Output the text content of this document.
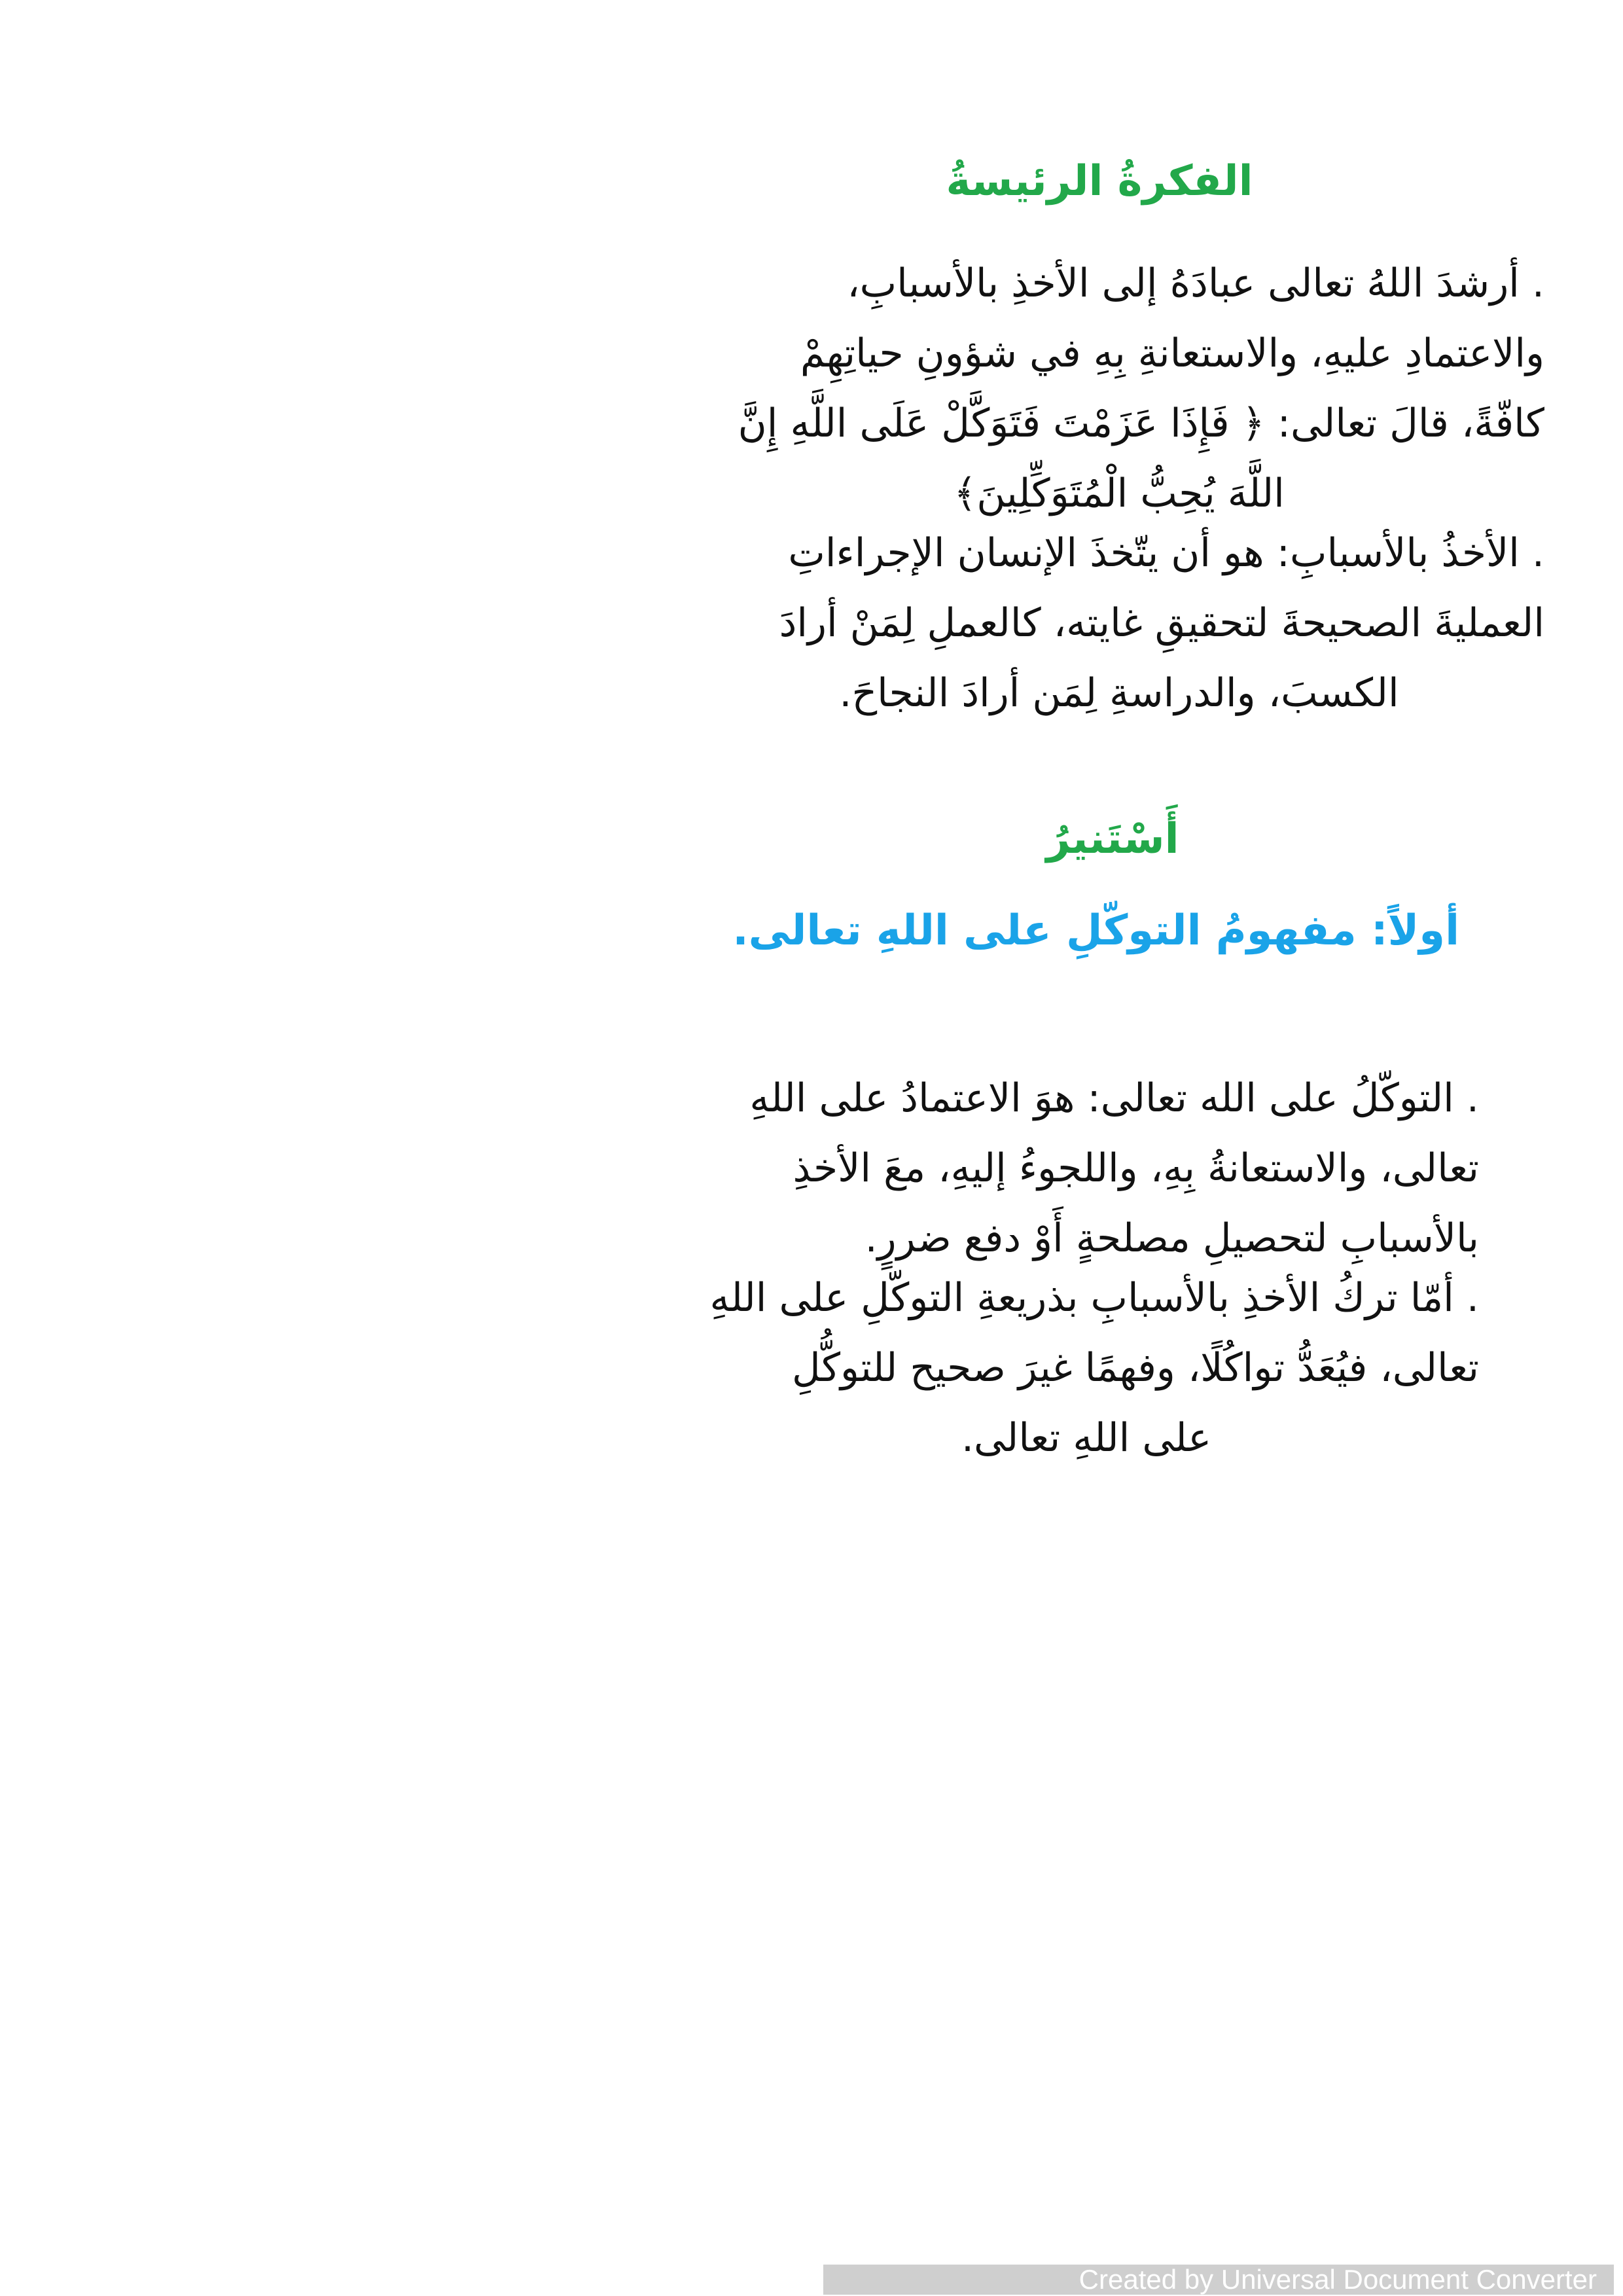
الفكرةُ الرئيسةُ
. أرشدَ اللهُ تعالى عبادَهُ إلى الأخذِ بالأسبابِ،
والاعتمادِ عليهِ، والاستعانةِ بِهِ في شؤونِ حياتِهِمْ
كافّةً، قالَ تعالى: ﴿ فَإِذَا عَزَمْتَ فَتَوَكَّلْ عَلَى اللَّهِ إِنَّ
اللَّهَ يُحِبُّ الْمُتَوَكِّلِينَ﴾
. الأخذُ بالأسبابِ: هو أن يتّخذَ الإنسان الإجراءاتِ
العمليةَ الصحيحةَ لتحقيقِ غايته، كالعملِ لِمَنْ أرادَ
الكسبَ، والدراسةِ لِمَن أرادَ النجاحَ.
أَسْتَنيرُ
أولاً: مفهومُ التوكّلِ على اللهِ تعالى.
. التوكّلُ على الله تعالى: هوَ الاعتمادُ على اللهِ
تعالى، والاستعانةُ بِهِ، واللجوءُ إليهِ، معَ الأخذِ
بالأسبابِ لتحصيلِ مصلحةٍ أَوْ دفع ضررٍ.
. أمّا تركُ الأخذِ بالأسبابِ بذريعةِ التوكّلِ على اللهِ
تعالى، فيُعَدُّ تواكُلًا، وفهمًا غيرَ صحيح للتوكُّلِ
على اللهِ تعالى.
Created by Universal Document Converter
